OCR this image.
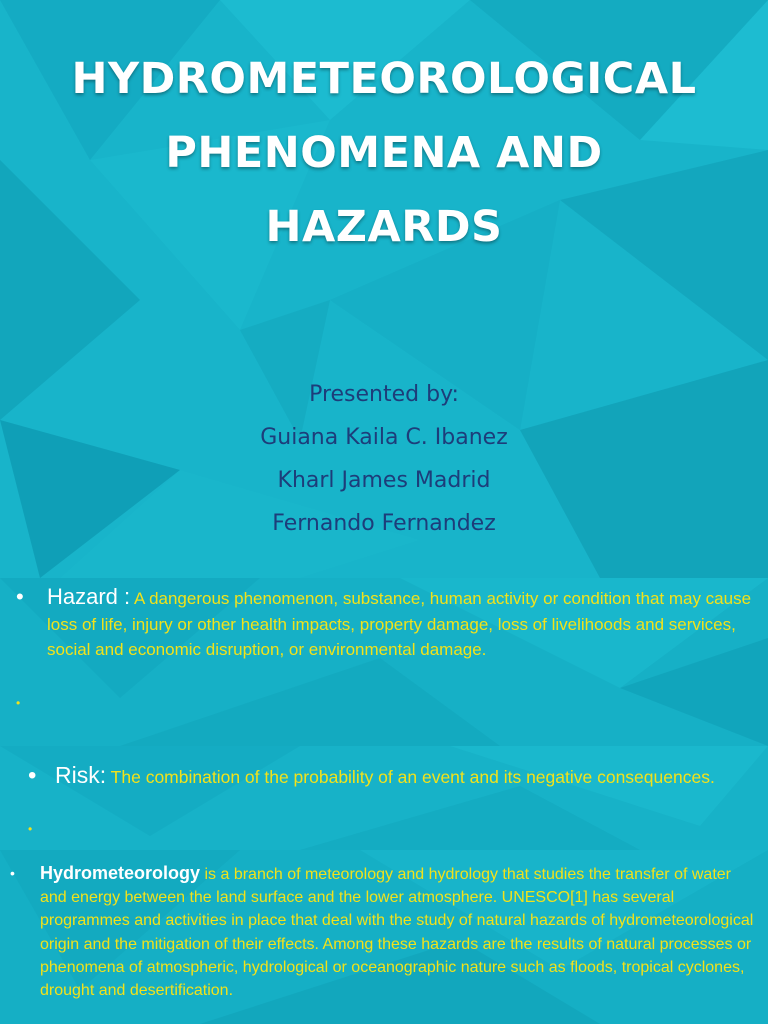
HYDROMETEOROLOGICAL
PHENOMENA AND
HAZARDS
Presented by:
Guiana Kaila C. Ibanez
Kharl James Madrid
Fernando Fernandez
• Hazard : A dangerous phenomenon, substance, human activity or condition that may cause loss of life, injury or other health impacts, property damage, loss of livelihoods and services, social and economic disruption, or environmental damage.
•
• Risk: The combination of the probability of an event and its negative consequences.
•
• Hydrometeorology is a branch of meteorology and hydrology that studies the transfer of water and energy between the land surface and the lower atmosphere. UNESCO[1] has several programmes and activities in place that deal with the study of natural hazards of hydrometeorological origin and the mitigation of their effects. Among these hazards are the results of natural processes or phenomena of atmospheric, hydrological or oceanographic nature such as floods, tropical cyclones, drought and desertification.
